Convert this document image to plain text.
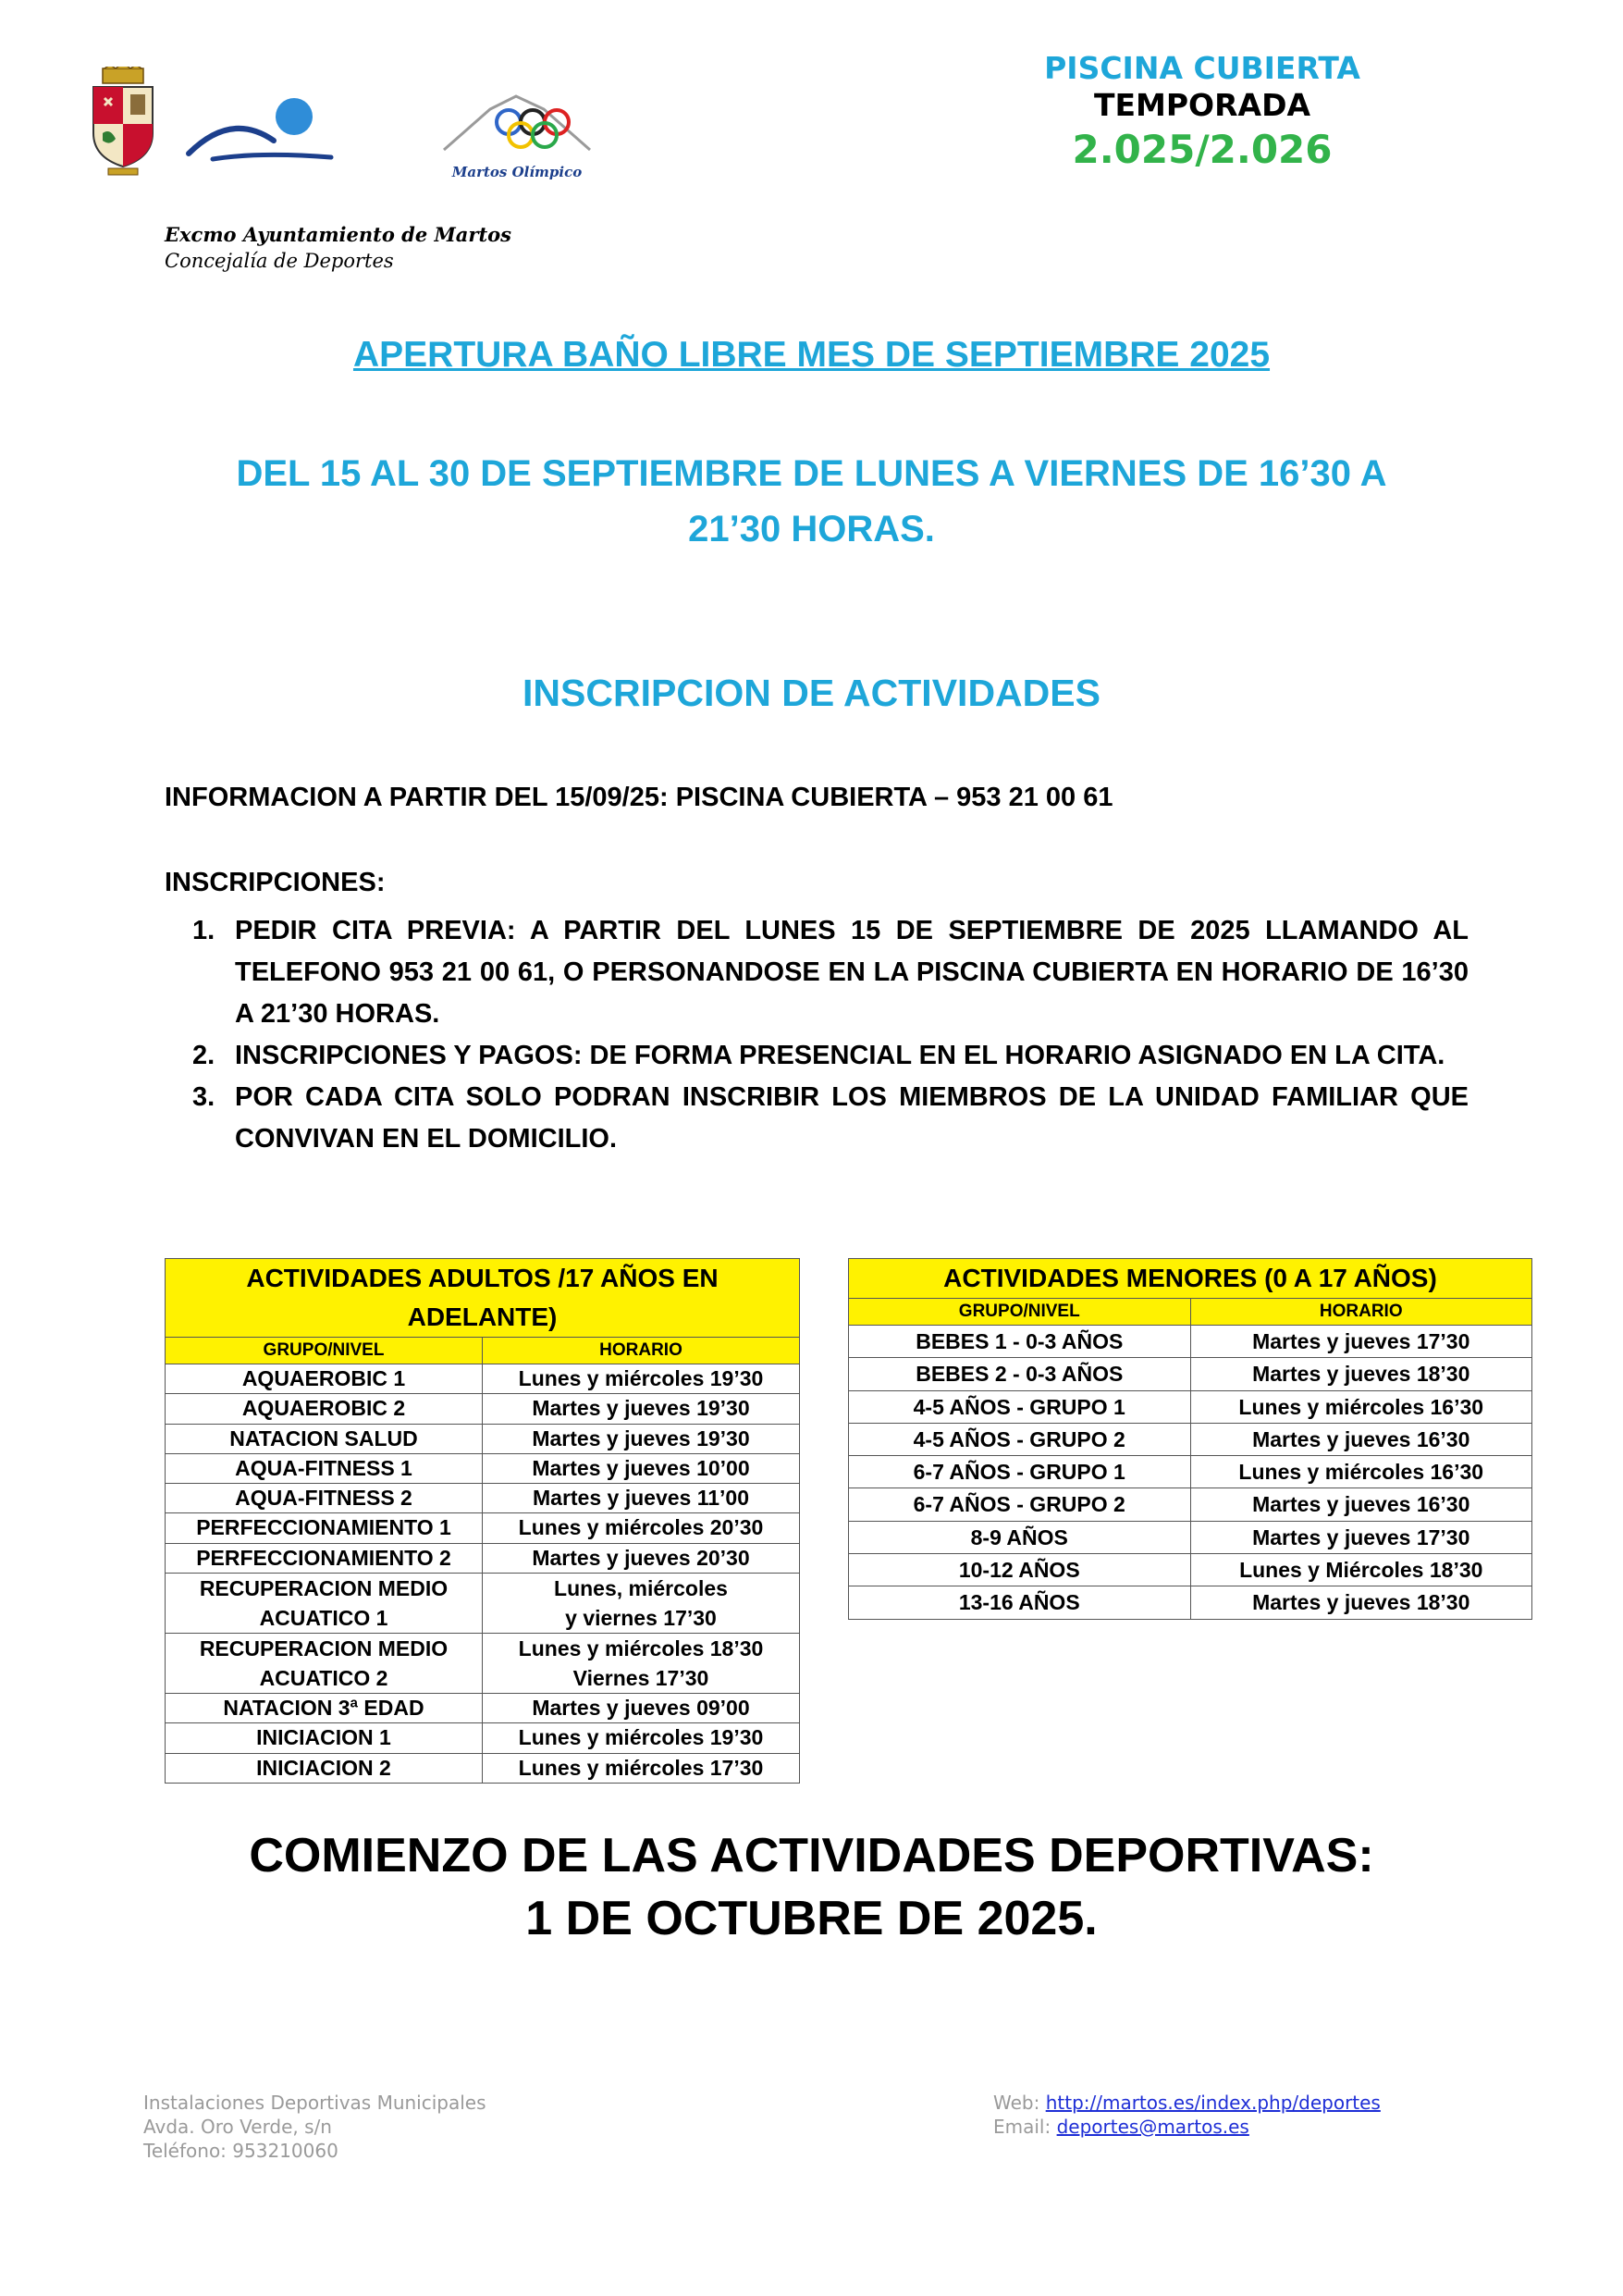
Martos Olímpico
Excmo Ayuntamiento de Martos
Concejalía de Deportes
PISCINA CUBIERTA
TEMPORADA
2.025/2.026
APERTURA BAÑO LIBRE MES DE SEPTIEMBRE 2025
DEL 15 AL 30 DE SEPTIEMBRE DE LUNES A VIERNES DE 16’30 A
21’30 HORAS.
INSCRIPCION DE ACTIVIDADES
INFORMACION A PARTIR DEL 15/09/25: PISCINA CUBIERTA – 953 21 00 61
INSCRIPCIONES:
1. PEDIR CITA PREVIA: A PARTIR DEL LUNES 15 DE SEPTIEMBRE DE 2025 LLAMANDO AL TELEFONO 953 21 00 61, O PERSONANDOSE EN LA PISCINA CUBIERTA EN HORARIO DE 16’30 A 21’30 HORAS.
2. INSCRIPCIONES Y PAGOS: DE FORMA PRESENCIAL EN EL HORARIO ASIGNADO EN LA CITA.
3. POR CADA CITA SOLO PODRAN INSCRIBIR LOS MIEMBROS DE LA UNIDAD FAMILIAR QUE CONVIVAN EN EL DOMICILIO.
ACTIVIDADES ADULTOS /17 AÑOS EN
ADELANTE)	
GRUPO/NIVEL	HORARIO
AQUAEROBIC 1	Lunes y miércoles 19’30
AQUAEROBIC 2	Martes y jueves 19’30
NATACION SALUD	Martes y jueves 19’30
AQUA-FITNESS 1	Martes y jueves 10’00
AQUA-FITNESS 2	Martes y jueves 11’00
PERFECCIONAMIENTO 1	Lunes y miércoles 20’30
PERFECCIONAMIENTO 2	Martes y jueves 20’30
RECUPERACION MEDIO
ACUATICO 1	Lunes, miércoles
y viernes 17’30
RECUPERACION MEDIO
ACUATICO 2	Lunes y miércoles 18’30
Viernes 17’30
NATACION 3ª EDAD	Martes y jueves 09’00
INICIACION 1	Lunes y miércoles 19’30
INICIACION 2	Lunes y miércoles 17’30
ACTIVIDADES MENORES (0 A 17 AÑOS)	
GRUPO/NIVEL	HORARIO
BEBES 1 - 0-3 AÑOS	Martes y jueves 17’30
BEBES 2 - 0-3 AÑOS	Martes y jueves 18’30
4-5 AÑOS - GRUPO 1	Lunes y miércoles 16’30
4-5 AÑOS - GRUPO 2	Martes y jueves 16’30
6-7 AÑOS - GRUPO 1	Lunes y miércoles 16’30
6-7 AÑOS - GRUPO 2	Martes y jueves 16’30
8-9 AÑOS	Martes y jueves 17’30
10-12 AÑOS	Lunes y Miércoles 18’30
13-16 AÑOS	Martes y jueves 18’30
COMIENZO DE LAS ACTIVIDADES DEPORTIVAS:
1 DE OCTUBRE DE 2025.
Instalaciones Deportivas Municipales
Avda. Oro Verde, s/n
Teléfono: 953210060
Web: http://martos.es/index.php/deportes
Email: deportes@martos.es
